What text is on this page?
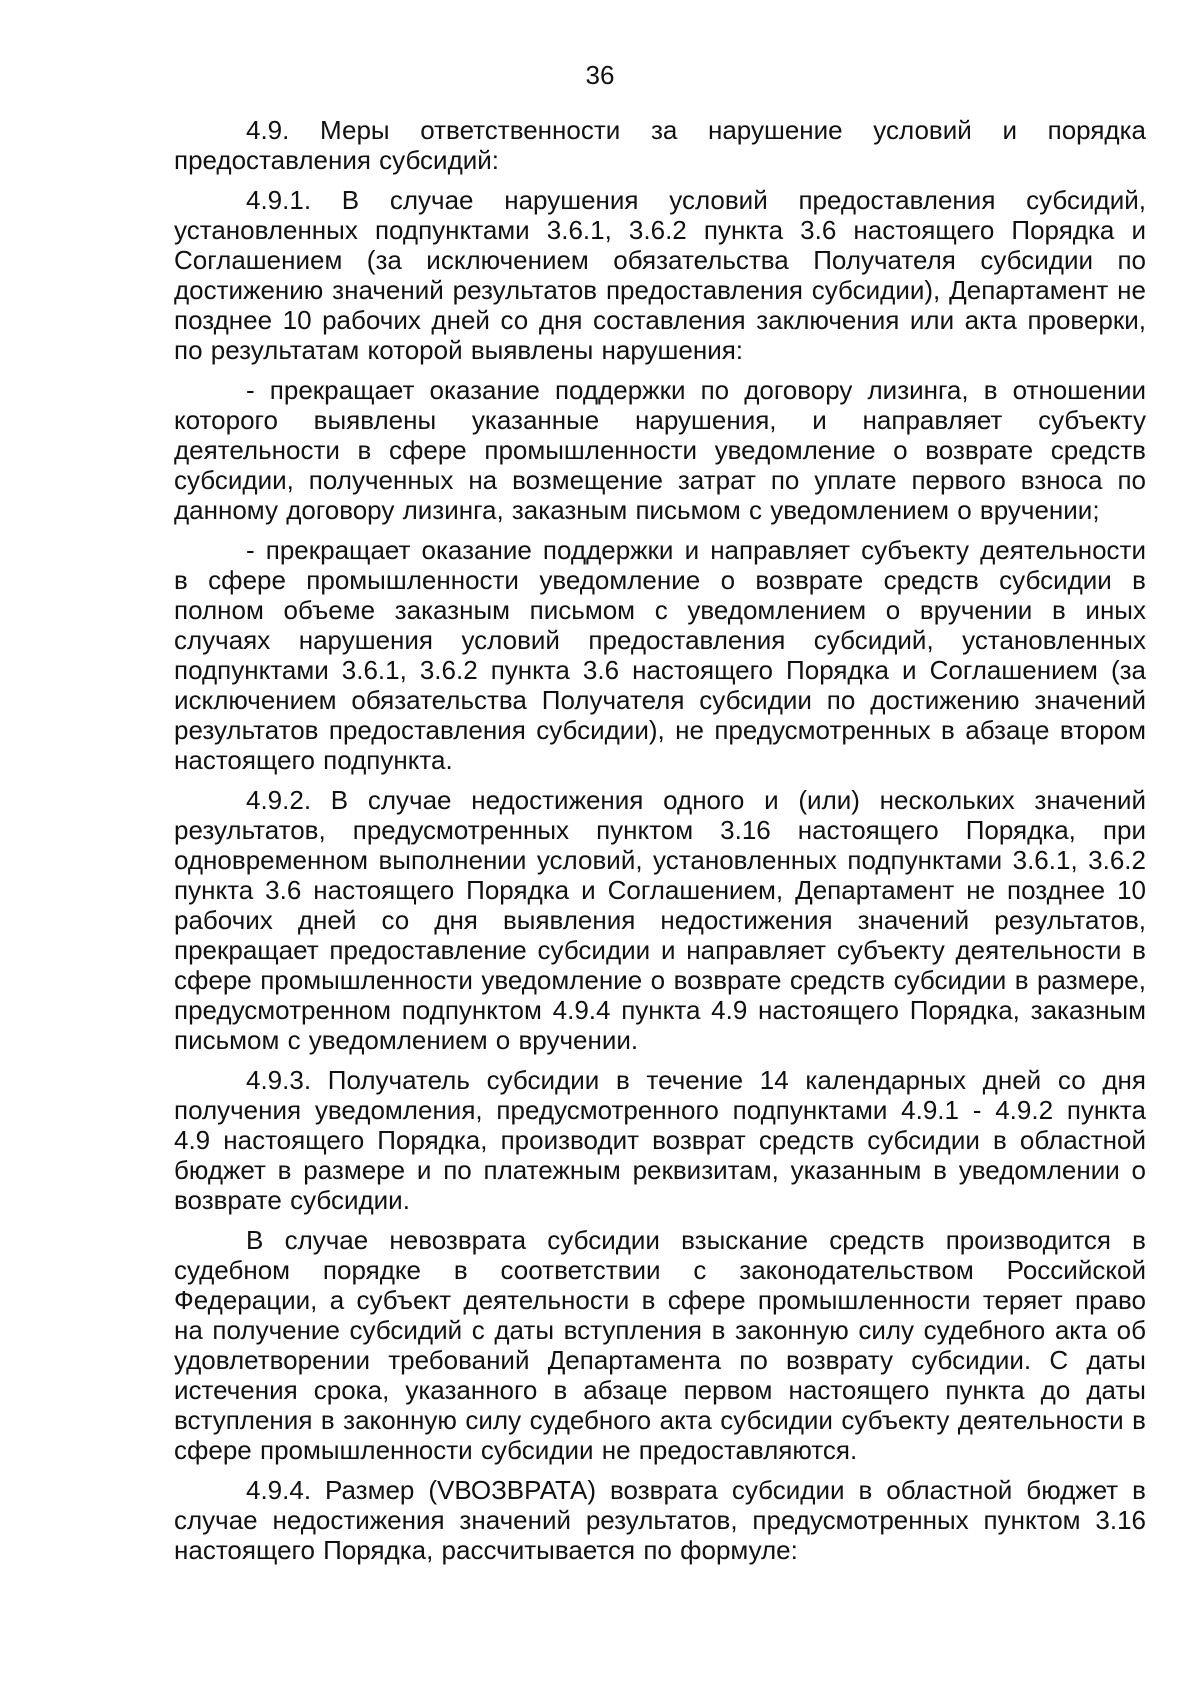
36

4.9. Меры ответственности за нарушение условий и порядка предоставления субсидий:

4.9.1. В случае нарушения условий предоставления субсидий, установленных подпунктами 3.6.1, 3.6.2 пункта 3.6 настоящего Порядка и Соглашением (за исключением обязательства Получателя субсидии по достижению значений результатов предоставления субсидии), Департамент не позднее 10 рабочих дней со дня составления заключения или акта проверки, по результатам которой выявлены нарушения:

- прекращает оказание поддержки по договору лизинга, в отношении которого выявлены указанные нарушения, и направляет субъекту деятельности в сфере промышленности уведомление о возврате средств субсидии, полученных на возмещение затрат по уплате первого взноса по данному договору лизинга, заказным письмом с уведомлением о вручении;

- прекращает оказание поддержки и направляет субъекту деятельности в сфере промышленности уведомление о возврате средств субсидии в полном объеме заказным письмом с уведомлением о вручении в иных случаях нарушения условий предоставления субсидий, установленных подпунктами 3.6.1, 3.6.2 пункта 3.6 настоящего Порядка и Соглашением (за исключением обязательства Получателя субсидии по достижению значений результатов предоставления субсидии), не предусмотренных в абзаце втором настоящего подпункта.

4.9.2. В случае недостижения одного и (или) нескольких значений результатов, предусмотренных пунктом 3.16 настоящего Порядка, при одновременном выполнении условий, установленных подпунктами 3.6.1, 3.6.2 пункта 3.6 настоящего Порядка и Соглашением, Департамент не позднее 10 рабочих дней со дня выявления недостижения значений результатов, прекращает предоставление субсидии и направляет субъекту деятельности в сфере промышленности уведомление о возврате средств субсидии в размере, предусмотренном подпунктом 4.9.4 пункта 4.9 настоящего Порядка, заказным письмом с уведомлением о вручении.

4.9.3. Получатель субсидии в течение 14 календарных дней со дня получения уведомления, предусмотренного подпунктами 4.9.1 - 4.9.2 пункта 4.9 настоящего Порядка, производит возврат средств субсидии в областной бюджет в размере и по платежным реквизитам, указанным в уведомлении о возврате субсидии.

В случае невозврата субсидии взыскание средств производится в судебном порядке в соответствии с законодательством Российской Федерации, а субъект деятельности в сфере промышленности теряет право на получение субсидий с даты вступления в законную силу судебного акта об удовлетворении требований Департамента по возврату субсидии. С даты истечения срока, указанного в абзаце первом настоящего пункта до даты вступления в законную силу судебного акта субсидии субъекту деятельности в сфере промышленности субсидии не предоставляются.

4.9.4. Размер (VВОЗВРАТА) возврата субсидии в областной бюджет в случае недостижения значений результатов, предусмотренных пунктом 3.16 настоящего Порядка, рассчитывается по формуле:
